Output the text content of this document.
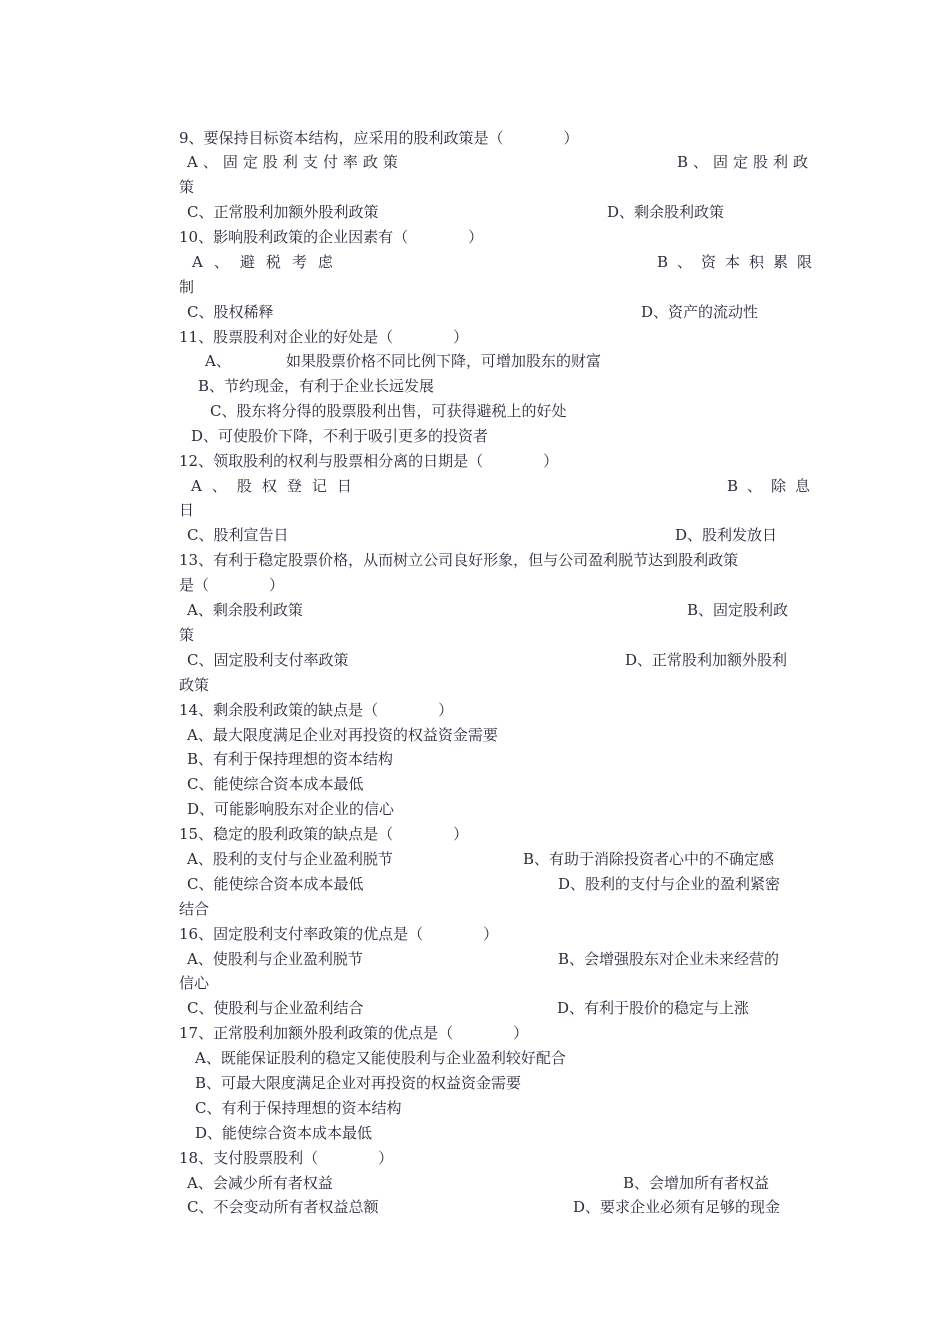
9、要保持目标资本结构，应采用的股利政策是（　　　　）
A、固定股利支付率政策	B、固定股利政
策
C、正常股利加额外股利政策	D、剩余股利政策
10、影响股利政策的企业因素有（　　　　）
A、避税考虑	B、资本积累限
制
C、股权稀释	D、资产的流动性
11、股票股利对企业的好处是（　　　　）
A、	如果股票价格不同比例下降，可增加股东的财富
B、节约现金，有利于企业长远发展
C、股东将分得的股票股利出售，可获得避税上的好处
D、可使股价下降，不利于吸引更多的投资者
12、领取股利的权利与股票相分离的日期是（　　　　）
A、股权登记日	B、除息
日
C、股利宣告日	D、股利发放日
13、有利于稳定股票价格，从而树立公司良好形象，但与公司盈利脱节达到股利政策
是（　　　　）
A、剩余股利政策	B、固定股利政
策
C、固定股利支付率政策	D、正常股利加额外股利
政策
14、剩余股利政策的缺点是（　　　　）
A、最大限度满足企业对再投资的权益资金需要
B、有利于保持理想的资本结构
C、能使综合资本成本最低
D、可能影响股东对企业的信心
15、稳定的股利政策的缺点是（　　　　）
A、股利的支付与企业盈利脱节	B、有助于消除投资者心中的不确定感
C、能使综合资本成本最低	D、股利的支付与企业的盈利紧密
结合
16、固定股利支付率政策的优点是（　　　　）
A、使股利与企业盈利脱节	B、会增强股东对企业未来经营的
信心
C、使股利与企业盈利结合	D、有利于股价的稳定与上涨
17、正常股利加额外股利政策的优点是（　　　　）
A、既能保证股利的稳定又能使股利与企业盈利较好配合
B、可最大限度满足企业对再投资的权益资金需要
C、有利于保持理想的资本结构
D、能使综合资本成本最低
18、支付股票股利（　　　　）
A、会减少所有者权益	B、会增加所有者权益
C、不会变动所有者权益总额	D、要求企业必须有足够的现金
